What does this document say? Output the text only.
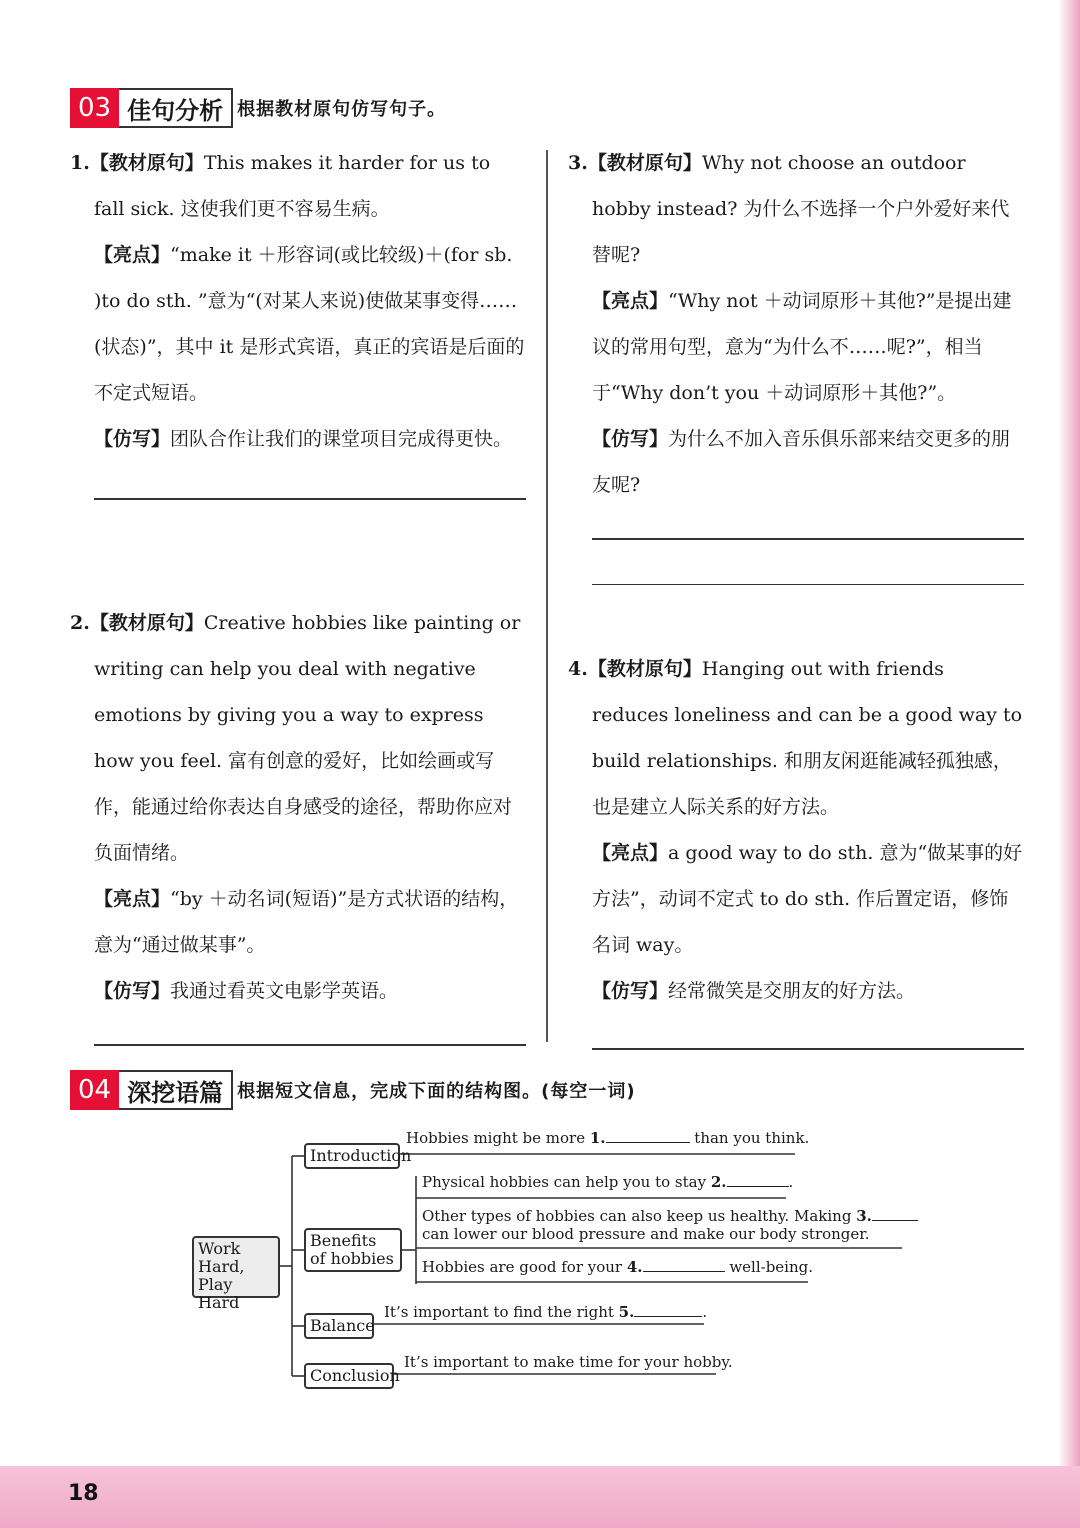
03 佳句分析 根据教材原句仿写句子。

1.【教材原句】This makes it harder for us to fall sick. 这使我们更不容易生病。

【亮点】“make it ＋形容词(或比较级)＋(for sb. )to do sth. ”意为“(对某人来说)使做某事变得……(状态)”，其中 it 是形式宾语，真正的宾语是后面的不定式短语。

【仿写】团队合作让我们的课堂项目完成得更快。

2.【教材原句】Creative hobbies like painting or writing can help you deal with negative emotions by giving you a way to express how you feel. 富有创意的爱好，比如绘画或写作，能通过给你表达自身感受的途径，帮助你应对负面情绪。

【亮点】“by ＋动名词(短语)”是方式状语的结构，意为“通过做某事”。

【仿写】我通过看英文电影学英语。

3.【教材原句】Why not choose an outdoor hobby instead? 为什么不选择一个户外爱好来代替呢?

【亮点】“Why not ＋动词原形＋其他?”是提出建议的常用句型，意为“为什么不……呢?”，相当于“Why don’t you ＋动词原形＋其他?”。

【仿写】为什么不加入音乐俱乐部来结交更多的朋友呢?

4.【教材原句】Hanging out with friends reduces loneliness and can be a good way to build relationships. 和朋友闲逛能减轻孤独感，也是建立人际关系的好方法。

【亮点】a good way to do sth. 意为“做某事的好方法”，动词不定式 to do sth. 作后置定语，修饰名词 way。

【仿写】经常微笑是交朋友的好方法。

04 深挖语篇 根据短文信息，完成下面的结构图。(每空一词)
Work Hard, Play Hard
Introduction
Benefits of hobbies
Balance
Conclusion
Hobbies might be more 1.	than you think.
Physical hobbies can help you to stay 2.	.
Other types of hobbies can also keep us healthy. Making 3.
can lower our blood pressure and make our body stronger.
Hobbies are good for your 4.	well-being.
It’s important to find the right 5.	.
It’s important to make time for your hobby.
18
